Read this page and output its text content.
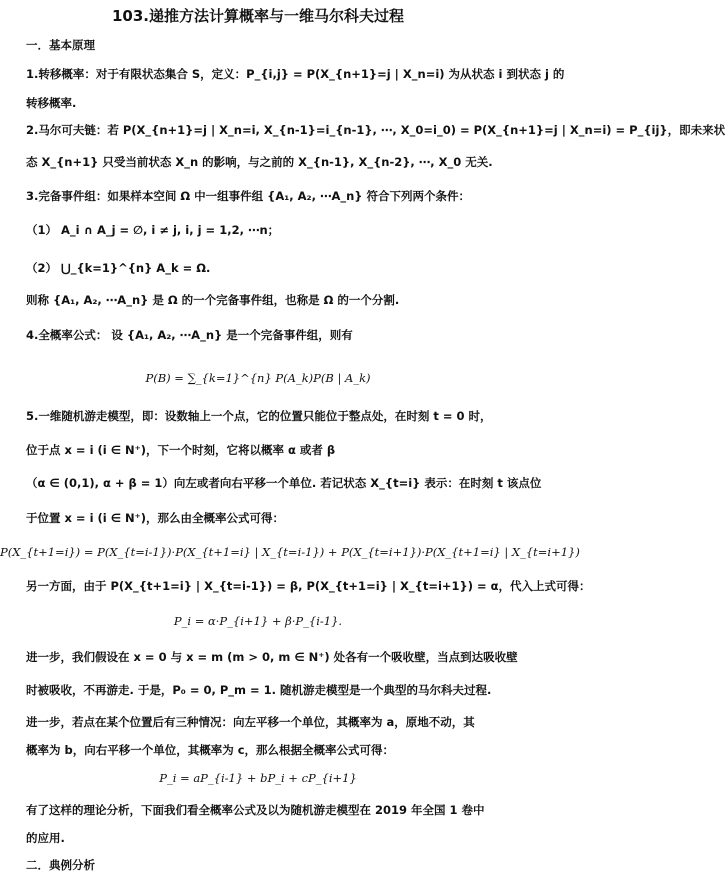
103.递推方法计算概率与一维马尔科夫过程
一．基本原理
1.转移概率：对于有限状态集合 S，定义：P_{i,j} = P(X_{n+1}=j | X_n=i) 为从状态 i 到状态 j 的
转移概率.
2.马尔可夫链：若 P(X_{n+1}=j | X_n=i, X_{n-1}=i_{n-1}, ⋯, X_0=i_0) = P(X_{n+1}=j | X_n=i) = P_{ij}，即未来状
态 X_{n+1} 只受当前状态 X_n 的影响，与之前的 X_{n-1}, X_{n-2}, ⋯, X_0 无关.
3.完备事件组：如果样本空间 Ω 中一组事件组 {A₁, A₂, ⋯A_n} 符合下列两个条件：
（1） A_i ∩ A_j = ∅, i ≠ j, i, j = 1,2, ⋯n；
（2） ⋃_{k=1}^{n} A_k = Ω.
则称 {A₁, A₂, ⋯A_n} 是 Ω 的一个完备事件组，也称是 Ω 的一个分割.
4.全概率公式： 设 {A₁, A₂, ⋯A_n} 是一个完备事件组，则有
P(B) = ∑_{k=1}^{n} P(A_k)P(B | A_k)
5.一维随机游走模型，即：设数轴上一个点，它的位置只能位于整点处，在时刻 t = 0 时，
位于点 x = i (i ∈ N⁺)，下一个时刻，它将以概率 α 或者 β
（α ∈ (0,1), α + β = 1）向左或者向右平移一个单位. 若记状态 X_{t=i} 表示：在时刻 t 该点位
于位置 x = i (i ∈ N⁺)，那么由全概率公式可得：
P(X_{t+1=i}) = P(X_{t=i-1})·P(X_{t+1=i} | X_{t=i-1}) + P(X_{t=i+1})·P(X_{t+1=i} | X_{t=i+1})
另一方面，由于 P(X_{t+1=i} | X_{t=i-1}) = β, P(X_{t+1=i} | X_{t=i+1}) = α，代入上式可得：
P_i = α·P_{i+1} + β·P_{i-1}.
进一步，我们假设在 x = 0 与 x = m (m > 0, m ∈ N⁺) 处各有一个吸收壁，当点到达吸收壁
时被吸收，不再游走. 于是，P₀ = 0, P_m = 1. 随机游走模型是一个典型的马尔科夫过程.
进一步，若点在某个位置后有三种情况：向左平移一个单位，其概率为 a，原地不动，其
概率为 b，向右平移一个单位，其概率为 c，那么根据全概率公式可得：
P_i = aP_{i-1} + bP_i + cP_{i+1}
有了这样的理论分析，下面我们看全概率公式及以为随机游走模型在 2019 年全国 1 卷中
的应用.
二．典例分析
